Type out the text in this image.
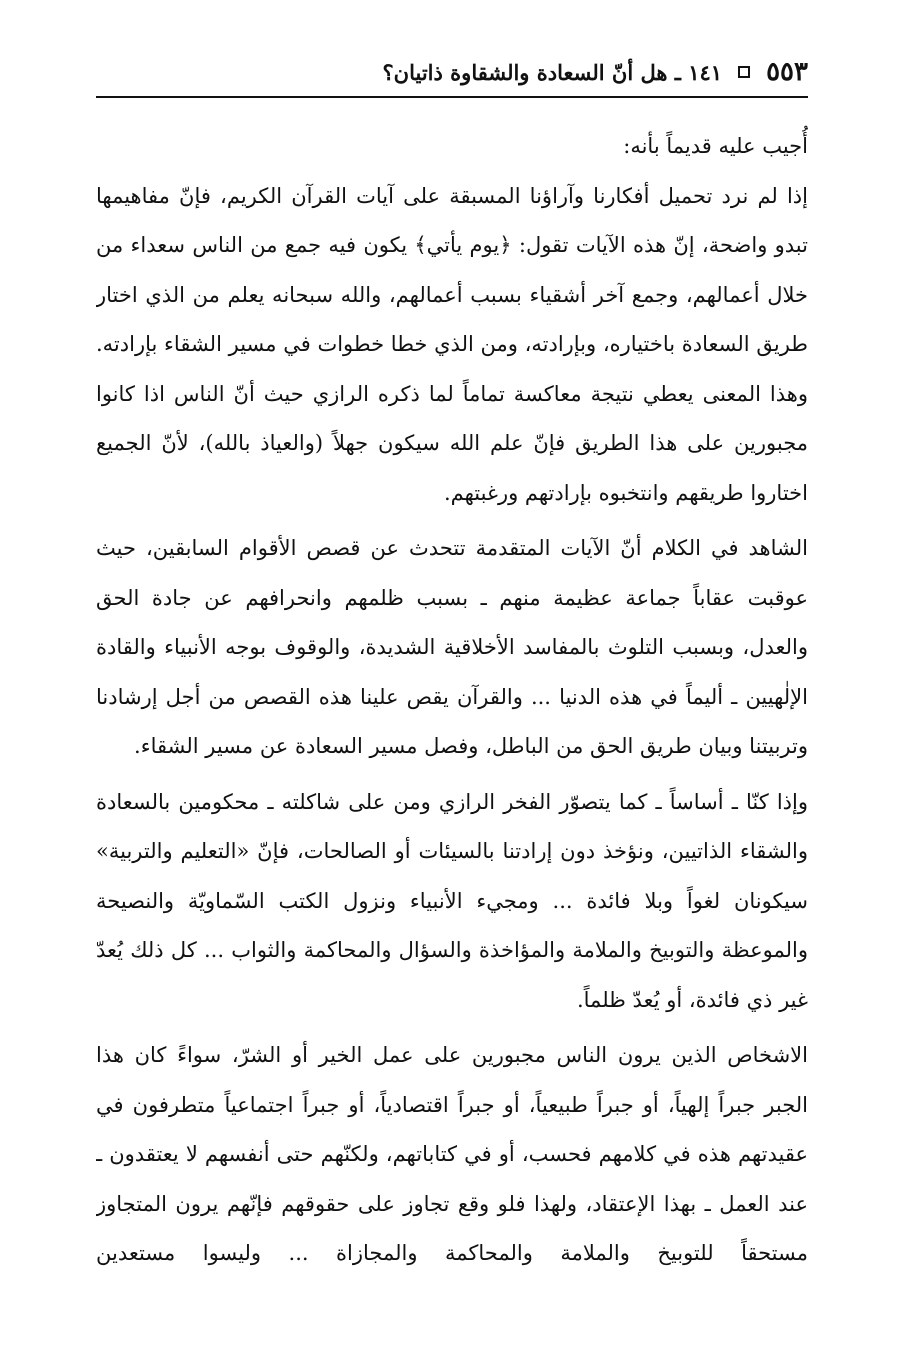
٥٥٣
١٤١ ـ هل أنّ السعادة والشقاوة ذاتيان؟

أُجيب عليه قديماً بأنه:

إذا لم نرد تحميل أفكارنا وآراؤنا المسبقة على آيات القرآن الكريم، فإنّ مفاهيمها تبدو واضحة، إنّ هذه الآيات تقول: ﴿يوم يأتي﴾ يكون فيه جمع من الناس سعداء من خلال أعمالهم، وجمع آخر أشقياء بسبب أعمالهم، والله سبحانه يعلم من الذي اختار طريق السعادة باختياره، وبإرادته، ومن الذي خطا خطوات في مسير الشقاء بإرادته. وهذا المعنى يعطي نتيجة معاكسة تماماً لما ذكره الرازي حيث أنّ الناس اذا كانوا مجبورين على هذا الطريق فإنّ علم الله سيكون جهلاً (والعياذ بالله)، لأنّ الجميع اختاروا طريقهم وانتخبوه بإرادتهم ورغبتهم.

الشاهد في الكلام أنّ الآيات المتقدمة تتحدث عن قصص الأقوام السابقين، حيث عوقبت عقاباً جماعة عظيمة منهم ـ بسبب ظلمهم وانحرافهم عن جادة الحق والعدل، وبسبب التلوث بالمفاسد الأخلاقية الشديدة، والوقوف بوجه الأنبياء والقادة الإلٰهيين ـ أليماً في هذه الدنيا ... والقرآن يقص علينا هذه القصص من أجل إرشادنا وتربيتنا وبيان طريق الحق من الباطل، وفصل مسير السعادة عن مسير الشقاء.

وإذا كنّا ـ أساساً ـ كما يتصوّر الفخر الرازي ومن على شاكلته ـ محكومين بالسعادة والشقاء الذاتيين، ونؤخذ دون إرادتنا بالسيئات أو الصالحات، فإنّ «التعليم والتربية» سيكونان لغواً وبلا فائدة ... ومجيء الأنبياء ونزول الكتب السّماويّة والنصيحة والموعظة والتوبيخ والملامة والمؤاخذة والسؤال والمحاكمة والثواب ... كل ذلك يُعدّ غير ذي فائدة، أو يُعدّ ظلماً.

الاشخاص الذين يرون الناس مجبورين على عمل الخير أو الشرّ، سواءً كان هذا الجبر جبراً إلهياً، أو جبراً طبيعياً، أو جبراً اقتصادياً، أو جبراً اجتماعياً متطرفون في عقيدتهم هذه في كلامهم فحسب، أو في كتاباتهم، ولكنّهم حتى أنفسهم لا يعتقدون ـ عند العمل ـ بهذا الإعتقاد، ولهذا فلو وقع تجاوز على حقوقهم فإنّهم يرون المتجاوز مستحقاً للتوبيخ والملامة والمحاكمة والمجازاة ... وليسوا مستعدين
